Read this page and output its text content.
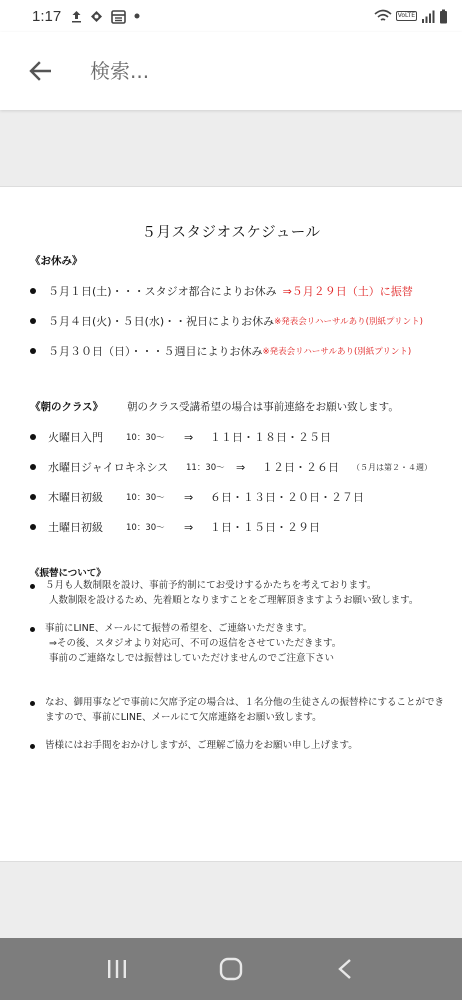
1:17	VoLTE
検索...
５月スタジオスケジュール
《お休み》
５月１日(土)・・・スタジオ都合によりお休み ⇒５月２９日（土）に振替
５月４日(火)・５日(水)・・祝日によりお休み ※発表会リハーサルあり(別紙プリント)
５月３０日（日）・・・５週目によりお休み ※発表会リハーサルあり(別紙プリント)
《朝のクラス》 朝のクラス受講希望の場合は事前連絡をお願い致します。
火曜日入門	10：30～	⇒	１１日・１８日・２５日
水曜日ジャイロキネシス	11：30～	⇒	１２日・２６日	（５月は第２・４週）
木曜日初級	10：30～	⇒	６日・１３日・２０日・２７日
土曜日初級	10：30～	⇒	１日・１５日・２９日
《振替について》
５月も人数制限を設け、事前予約制にてお受けするかたちを考えております。
人数制限を設けるため、先着順となりますことをご理解頂きますようお願い致します。
事前にLINE、メールにて振替の希望を、ご連絡いただきます。
⇒その後、スタジオより対応可、不可の返信をさせていただきます。
事前のご連絡なしでは振替はしていただけませんのでご注意下さい
なお、御用事などで事前に欠席予定の場合は、１名分他の生徒さんの振替枠にすることができ
ますので、事前にLINE、メールにて欠席連絡をお願い致します。
皆様にはお手間をおかけしますが、ご理解ご協力をお願い申し上げます。
